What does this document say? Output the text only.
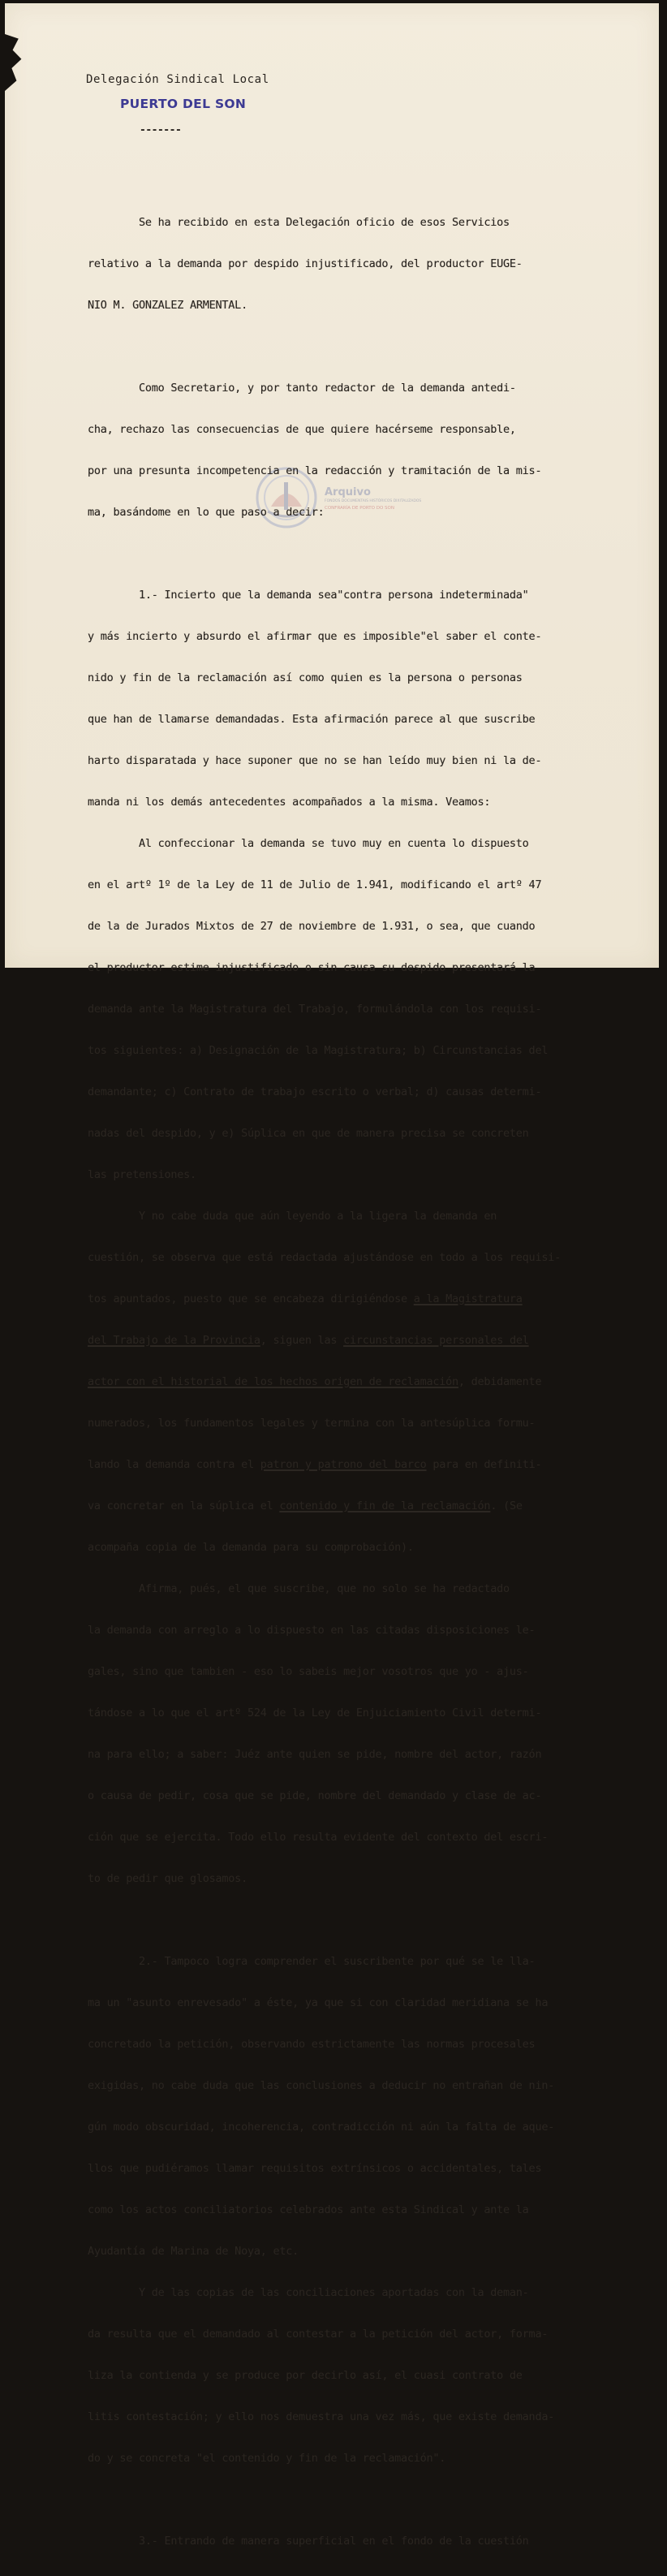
Arquivo
FONDOS DOCUMENTAIS HISTÓRICOS DIXITALIZADOS
CONFRARÍA DE PORTO DO SON
Delegación Sindical Local
PUERTO DEL SON
-------

Se ha recibido en esta Delegación oficio de esos Servicios

relativo a la demanda por despido injustificado, del productor EUGE-

NIO M. GONZALEZ ARMENTAL.

Como Secretario, y por tanto redactor de la demanda antedi-

cha, rechazo las consecuencias de que quiere hacérseme responsable,

por una presunta incompetencia en la redacción y tramitación de la mis-

ma, basándome en lo que paso a decir:

1.- Incierto que la demanda sea"contra persona indeterminada"

y más incierto y absurdo el afirmar que es imposible"el saber el conte-

nido y fin de la reclamación así como quien es la persona o personas

que han de llamarse demandadas. Esta afirmación parece al que suscribe

harto disparatada y hace suponer que no se han leído muy bien ni la de-

manda ni los demás antecedentes acompañados a la misma. Veamos:

Al confeccionar la demanda se tuvo muy en cuenta lo dispuesto

en el artº 1º de la Ley de 11 de Julio de 1.941, modificando el artº 47

de la de Jurados Mixtos de 27 de noviembre de 1.931, o sea, que cuando

el productor estime injustificado o sin causa su despido presentará la

demanda ante la Magistratura del Trabajo, formulándola con los requisi-

tos siguientes: a) Designación de la Magistratura; b) Circunstancias del

demandante; c) Contrato de trabajo escrito o verbal; d) causas determi-

nadas del despido, y e) Súplica en que de manera precisa se concreten

las pretensiones.

Y no cabe duda que aún leyendo a la ligera la demanda en

cuestión, se observa que está redactada ajustándose en todo a los requisi-

tos apuntados, puesto que se encabeza dirigiéndose a la Magistratura

del Trabajo de la Provincia, siguen las circunstancias personales del

actor con el historial de los hechos origen de reclamación, debidamente

numerados, los fundamentos legales y termina con la antesúplica formu-

lando la demanda contra el patron y patrono del barco para en definiti-

va concretar en la súplica el contenido y fin de la reclamación. (Se

acompaña copia de la demanda para su comprobación).

Afirma, pués, el que suscribe, que no solo se ha redactado

la demanda con arreglo a lo dispuesto en las citadas disposiciones le-

gales, sino que tambien - eso lo sabeis mejor vosotros que yo - ajus-

tándose a lo que el artº 524 de la Ley de Enjuiciamiento Civil determi-

na para ello; a saber: Juéz ante quien se pide, nombre del actor, razón

o causa de pedir, cosa que se pide, nombre del demandado y clase de ac-

ción que se ejercita. Todo ello resulta evidente del contexto del escri-

to de pedir que glosamos.

2.- Tampoco logra comprender el suscribente por qué se le lla-

ma un "asunto enrevesado" a éste, ya que si con claridad meridiana se ha

concretado la petición, observando estrictamente las normas procesales

exigidas, no cabe duda que las conclusiones a deducir no entrañan de nin-

gún modo obscuridad, incoherencia, contradicción ni aún la falta de aque-

llos que pudiéramos llamar requisitos extrínsicos o accidentales, tales

como los actos conciliatorios celebrados ante esta Sindical y ante la

Ayudantía de Marina de Noya, etc.

Y de las copias de las conciliaciones aportadas con la deman-

da resulta que el demandado al contestar a la petición del actor, forma-

liza la contienda y se produce por decirlo así, el cuasi contrato de

litis contestación; y ello nos demuestra una vez más, que existe demanda-

do y se concreta "el contenido y fin de la reclamación".

3.- Entrando de manera superficial en el fondo de la cuestión
